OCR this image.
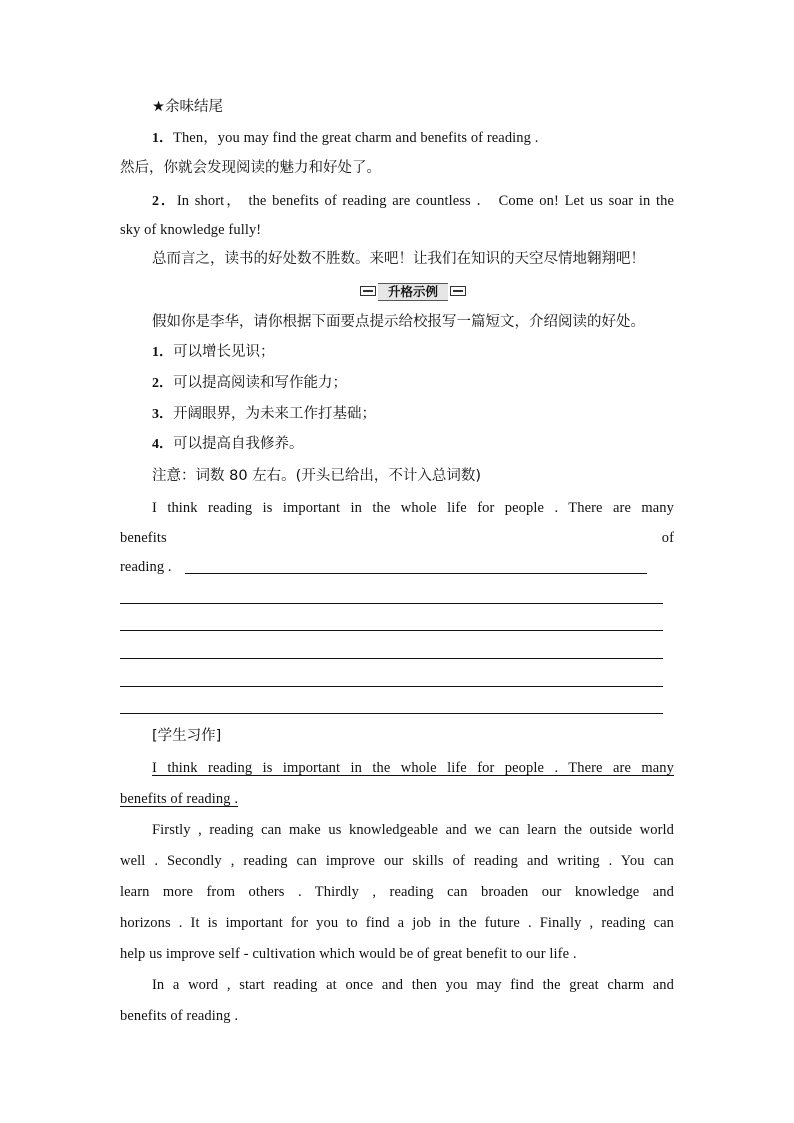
★余味结尾
1．Then，you may find the great charm and benefits of reading .
然后，你就会发现阅读的魅力和好处了。
2．In short， the benefits of reading are countless ． Come on! Let us soar in the
sky of knowledge fully!
总而言之，读书的好处数不胜数。来吧！让我们在知识的天空尽情地翱翔吧！
升格示例
假如你是李华，请你根据下面要点提示给校报写一篇短文，介绍阅读的好处。
1．可以增长见识；
2．可以提高阅读和写作能力；
3．开阔眼界，为未来工作打基础；
4．可以提高自我修养。
注意：词数 80 左右。(开头已给出，不计入总词数)
I think reading is important in the whole life for people . There are many
benefits	of
reading .
[学生习作]
I think reading is important in the whole life for people . There are many
benefits of reading .
Firstly , reading can make us knowledgeable and we can learn the outside world
well . Secondly , reading can improve our skills of reading and writing . You can
learn more from others . Thirdly , reading can broaden our knowledge and
horizons . It is important for you to find a job in the future . Finally , reading can
help us improve self - cultivation which would be of great benefit to our life .
In a word , start reading at once and then you may find the great charm and
benefits of reading .
